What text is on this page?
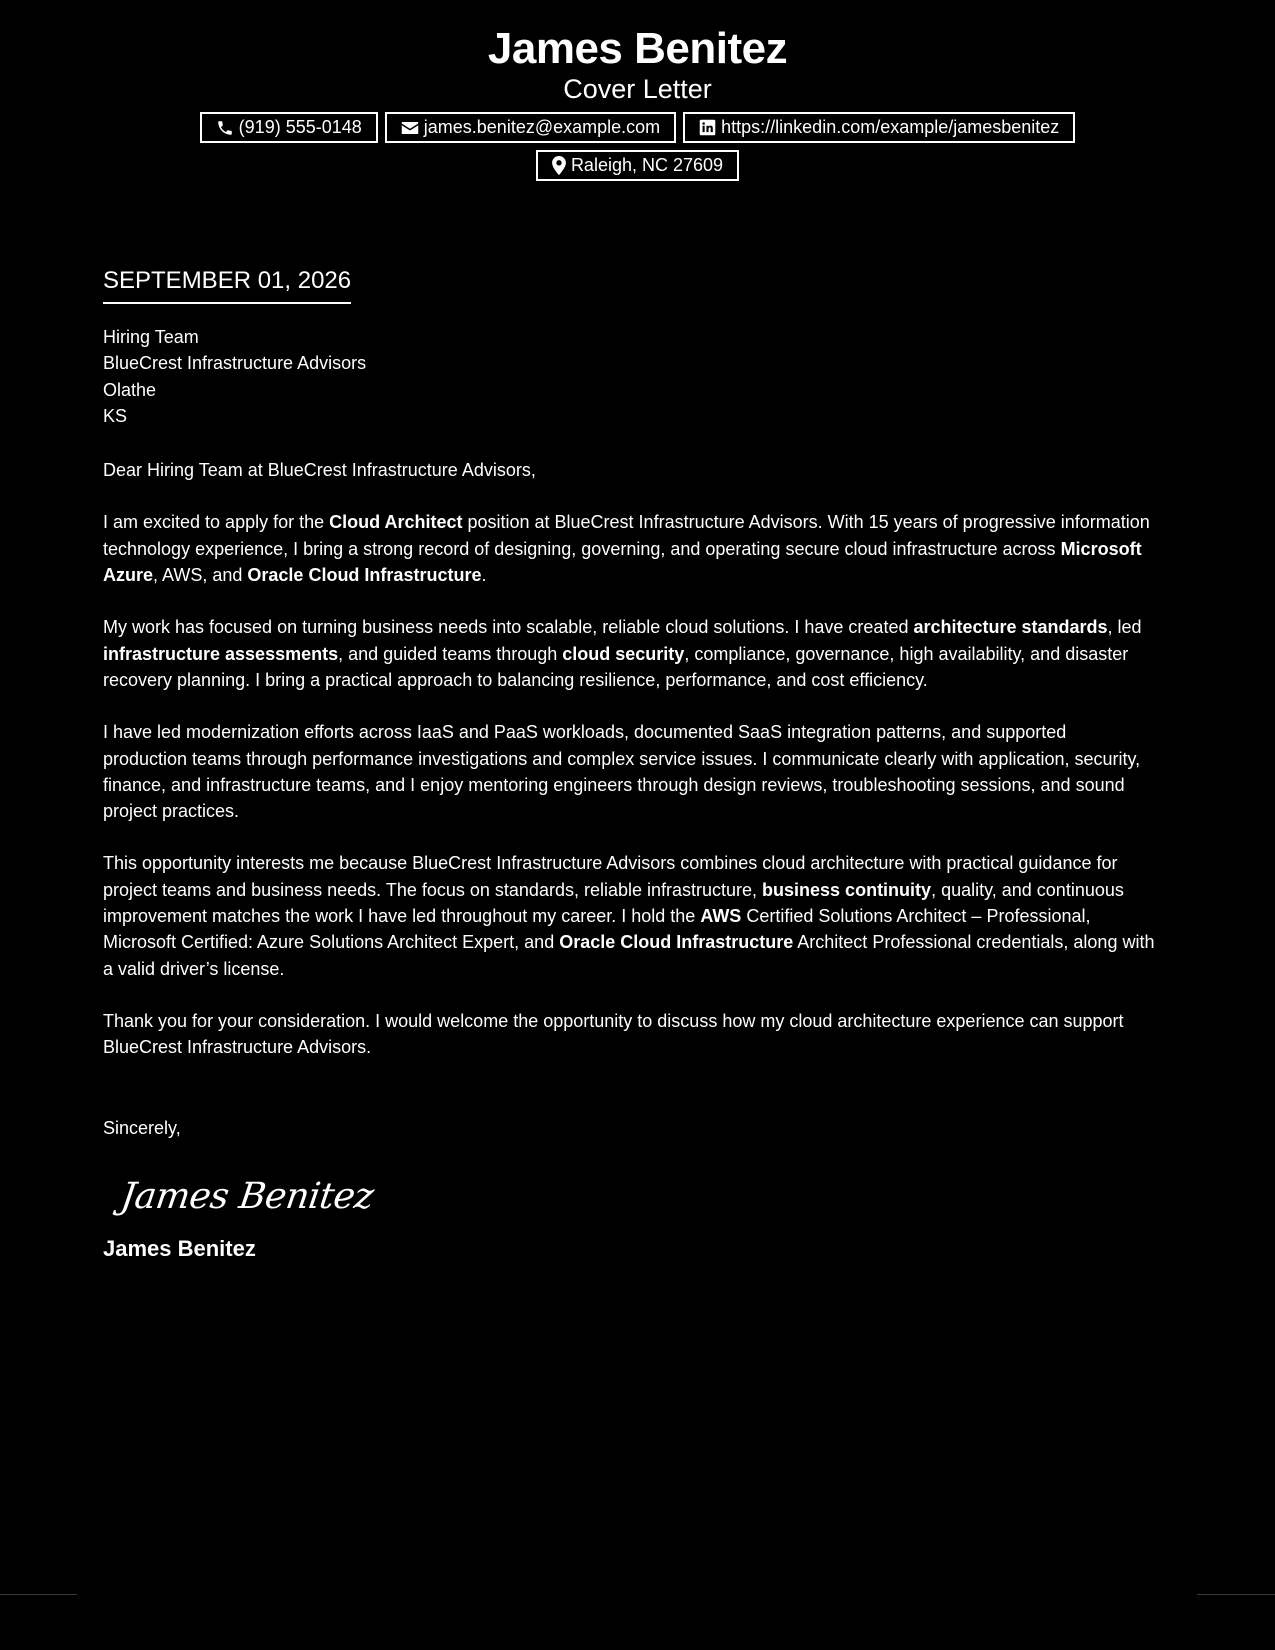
James Benitez
Cover Letter
(919) 555-0148	james.benitez@example.com	https://linkedin.com/example/jamesbenitez
Raleigh, NC 27609
SEPTEMBER 01, 2026
Hiring Team
BlueCrest Infrastructure Advisors
Olathe
KS
Dear Hiring Team at BlueCrest Infrastructure Advisors,
I am excited to apply for the Cloud Architect position at BlueCrest Infrastructure Advisors. With 15 years of progressive information technology experience, I bring a strong record of designing, governing, and operating secure cloud infrastructure across Microsoft Azure, AWS, and Oracle Cloud Infrastructure.
My work has focused on turning business needs into scalable, reliable cloud solutions. I have created architecture standards, led infrastructure assessments, and guided teams through cloud security, compliance, governance, high availability, and disaster recovery planning. I bring a practical approach to balancing resilience, performance, and cost efficiency.
I have led modernization efforts across IaaS and PaaS workloads, documented SaaS integration patterns, and supported production teams through performance investigations and complex service issues. I communicate clearly with application, security, finance, and infrastructure teams, and I enjoy mentoring engineers through design reviews, troubleshooting sessions, and sound project practices.
This opportunity interests me because BlueCrest Infrastructure Advisors combines cloud architecture with practical guidance for project teams and business needs. The focus on standards, reliable infrastructure, business continuity, quality, and continuous improvement matches the work I have led throughout my career. I hold the AWS Certified Solutions Architect – Professional, Microsoft Certified: Azure Solutions Architect Expert, and Oracle Cloud Infrastructure Architect Professional credentials, along with a valid driver’s license.
Thank you for your consideration. I would welcome the opportunity to discuss how my cloud architecture experience can support BlueCrest Infrastructure Advisors.
Sincerely,
James Benitez
James Benitez
